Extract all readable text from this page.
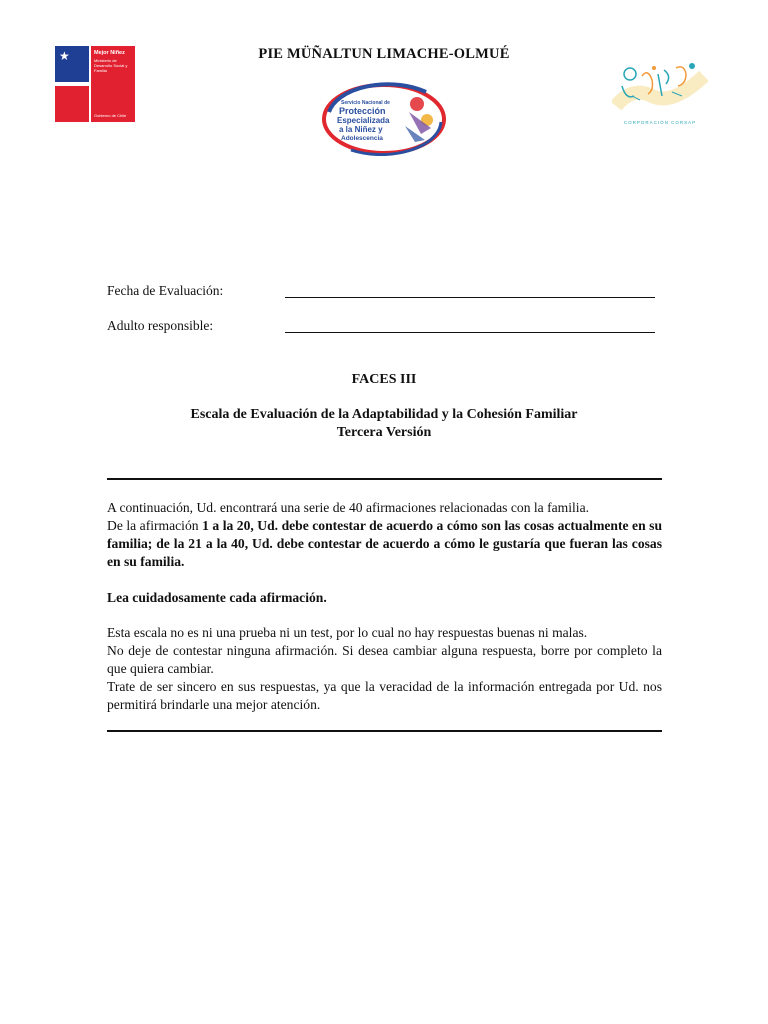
★	Mejor Niñez
Ministerio de Desarrollo Social y Familia
Gobierno de Chile
PIE MÜÑALTUN LIMACHE-OLMUÉ
Servicio Nacional de
Protección
Especializada
a la Niñez y
Adolescencia
CORPORACIÓN CORSAP
Fecha de Evaluación:
Adulto responsible:
FACES III
Escala de Evaluación de la Adaptabilidad y la Cohesión Familiar
Tercera Versión
A continuación, Ud. encontrará una serie de 40 afirmaciones relacionadas con la familia.
De la afirmación 1 a la 20, Ud. debe contestar de acuerdo a cómo son las cosas actualmente en su familia; de la 21 a la 40, Ud. debe contestar de acuerdo a cómo le gustaría que fueran las cosas en su familia.
Lea cuidadosamente cada afirmación.
Esta escala no es ni una prueba ni un test, por lo cual no hay respuestas buenas ni malas.
No deje de contestar ninguna afirmación. Si desea cambiar alguna respuesta, borre por completo la que quiera cambiar.
Trate de ser sincero en sus respuestas, ya que la veracidad de la información entregada por Ud. nos permitirá brindarle una mejor atención.
